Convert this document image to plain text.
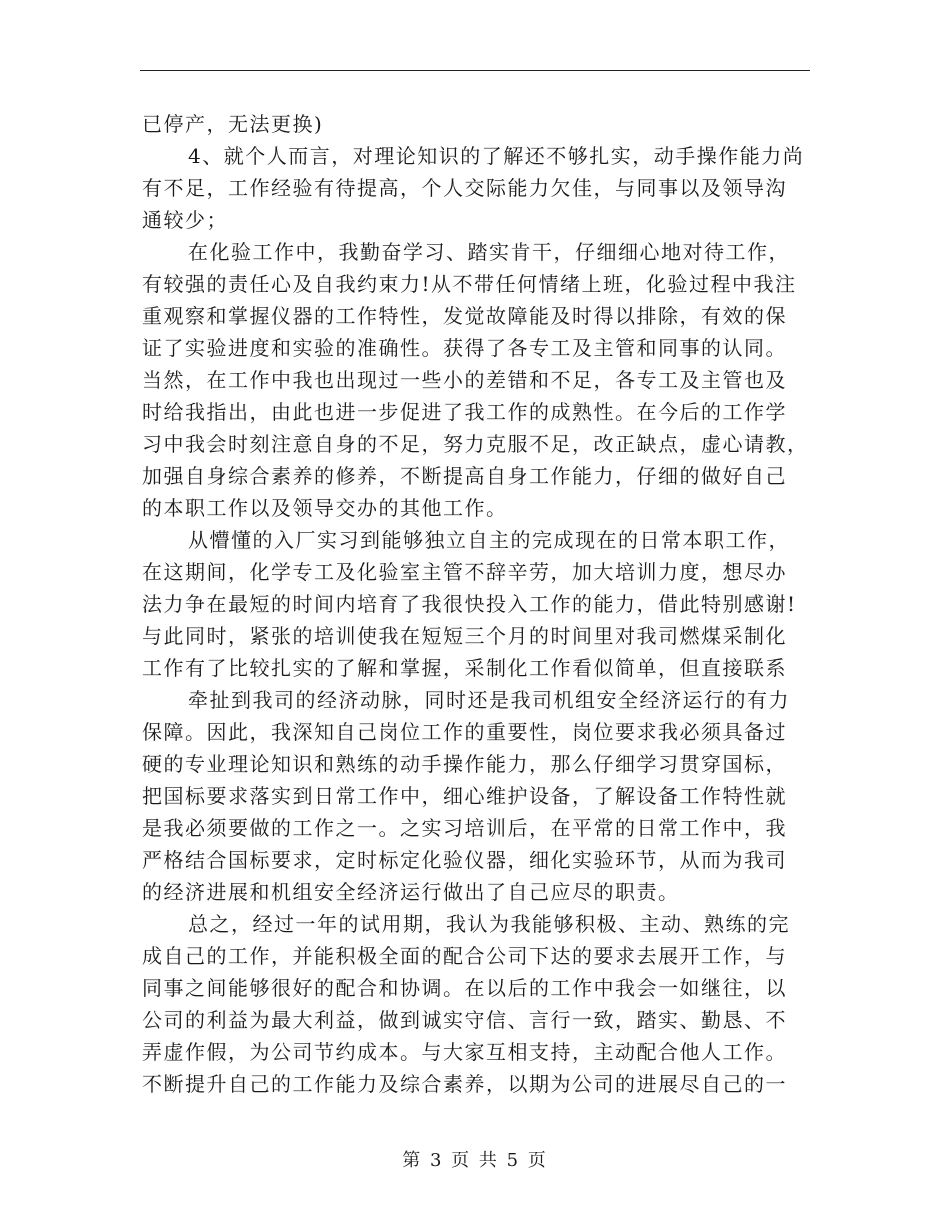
已停产，无法更换)
4、就个人而言，对理论知识的了解还不够扎实，动手操作能力尚
有不足，工作经验有待提高，个人交际能力欠佳，与同事以及领导沟
通较少；
在化验工作中，我勤奋学习、踏实肯干，仔细细心地对待工作，
有较强的责任心及自我约束力!从不带任何情绪上班，化验过程中我注
重观察和掌握仪器的工作特性，发觉故障能及时得以排除，有效的保
证了实验进度和实验的准确性。获得了各专工及主管和同事的认同。
当然，在工作中我也出现过一些小的差错和不足，各专工及主管也及
时给我指出，由此也进一步促进了我工作的成熟性。在今后的工作学
习中我会时刻注意自身的不足，努力克服不足，改正缺点，虚心请教，
加强自身综合素养的修养，不断提高自身工作能力，仔细的做好自己
的本职工作以及领导交办的其他工作。
从懵懂的入厂实习到能够独立自主的完成现在的日常本职工作，
在这期间，化学专工及化验室主管不辞辛劳，加大培训力度，想尽办
法力争在最短的时间内培育了我很快投入工作的能力，借此特别感谢!
与此同时，紧张的培训使我在短短三个月的时间里对我司燃煤采制化
工作有了比较扎实的了解和掌握，采制化工作看似简单，但直接联系
牵扯到我司的经济动脉，同时还是我司机组安全经济运行的有力
保障。因此，我深知自己岗位工作的重要性，岗位要求我必须具备过
硬的专业理论知识和熟练的动手操作能力，那么仔细学习贯穿国标，
把国标要求落实到日常工作中，细心维护设备，了解设备工作特性就
是我必须要做的工作之一。之实习培训后，在平常的日常工作中，我
严格结合国标要求，定时标定化验仪器，细化实验环节，从而为我司
的经济进展和机组安全经济运行做出了自己应尽的职责。
总之，经过一年的试用期，我认为我能够积极、主动、熟练的完
成自己的工作，并能积极全面的配合公司下达的要求去展开工作，与
同事之间能够很好的配合和协调。在以后的工作中我会一如继往，以
公司的利益为最大利益，做到诚实守信、言行一致，踏实、勤恳、不
弄虚作假，为公司节约成本。与大家互相支持，主动配合他人工作。
不断提升自己的工作能力及综合素养，以期为公司的进展尽自己的一
第 3 页 共 5 页
